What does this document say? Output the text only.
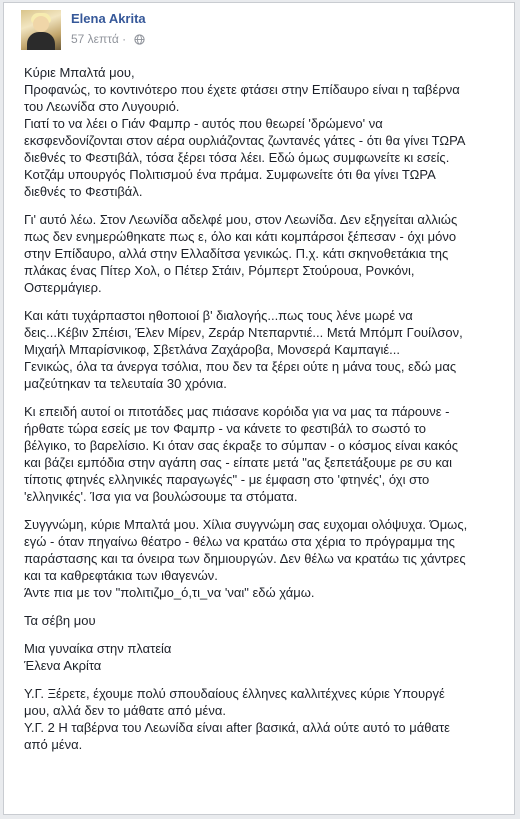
Elena Akrita
57 λεπτά ·

Κύριε Μπαλτά μου,
Προφανώς, το κοντινότερο που έχετε φτάσει στην Επίδαυρο είναι η ταβέρνα
του Λεωνίδα στο Λυγουριό.
Γιατί το να λέει ο Γιάν Φαμπρ - αυτός που θεωρεί 'δρώμενο' να
εκσφενδονίζονται στον αέρα ουρλιάζοντας ζωντανές γάτες - ότι θα γίνει ΤΩΡΑ
διεθνές το Φεστιβάλ, τόσα ξέρει τόσα λέει. Εδώ όμως συμφωνείτε κι εσείς.
Κοτζάμ υπουργός Πολιτισμού ένα πράμα. Συμφωνείτε ότι θα γίνει ΤΩΡΑ
διεθνές το Φεστιβάλ.

Γι' αυτό λέω. Στον Λεωνίδα αδελφέ μου, στον Λεωνίδα. Δεν εξηγείται αλλιώς
πως δεν ενημερώθηκατε πως ε, όλο και κάτι κομπάρσοι ξέπεσαν - όχι μόνο
στην Επίδαυρο, αλλά στην Ελλαδίτσα γενικώς. Π.χ. κάτι σκηνοθετάκια της
πλάκας ένας Πίτερ Χολ, ο Πέτερ Στάιν, Ρόμπερτ Στούρουα, Ρονκόνι,
Οστερμάγιερ.

Και κάτι τυχάρπαστοι ηθοποιοί β' διαλογής...πως τους λένε μωρέ να
δεις...Κέβιν Σπέισι, Έλεν Μίρεν, Ζεράρ Ντεπαρντιέ... Μετά Μπόμπ Γουίλσον,
Μιχαήλ Μπαρίσνικοφ, Σβετλάνα Ζαχάροβα, Μονσερά Καμπαγιέ...
Γενικώς, όλα τα άνεργα τσόλια, που δεν τα ξέρει ούτε η μάνα τους, εδώ μας
μαζεύτηκαν τα τελευταία 30 χρόνια.

Κι επειδή αυτοί οι πιτοτάδες μας πιάσανε κορόιδα για να μας τα πάρουνε -
ήρθατε τώρα εσείς με τον Φαμπρ - να κάνετε το φεστιβάλ το σωστό το
βέλγικο, το βαρελίσιο. Κι όταν σας έκραξε το σύμπαν - ο κόσμος είναι κακός
και βάζει εμπόδια στην αγάπη σας - είπατε μετά "ας ξεπετάξουμε ρε συ και
τίποτις φτηνές ελληνικές παραγωγές" - με έμφαση στο 'φτηνές', όχι στο
'ελληνικές'. Ίσα για να βουλώσουμε τα στόματα.

Συγγνώμη, κύριε Μπαλτά μου. Χίλια συγγνώμη σας ευχομαι ολόψυχα. Όμως,
εγώ - όταν πηγαίνω θέατρο - θέλω να κρατάω στα χέρια το πρόγραμμα της
παράστασης και τα όνειρα των δημιουργών. Δεν θέλω να κρατάω τις χάντρες
και τα καθρεφτάκια των ιθαγενών.
Άντε πια με τον "πολιτιζμο_ό,τι_να 'ναι" εδώ χάμω.

Τα σέβη μου

Μια γυναίκα στην πλατεία
Έλενα Ακρίτα

Υ.Γ. Ξέρετε, έχουμε πολύ σπουδαίους έλληνες καλλιτέχνες κύριε Υπουργέ
μου, αλλά δεν το μάθατε από μένα.
Υ.Γ. 2 Η ταβέρνα του Λεωνίδα είναι after βασικά, αλλά ούτε αυτό το μάθατε
από μένα.
